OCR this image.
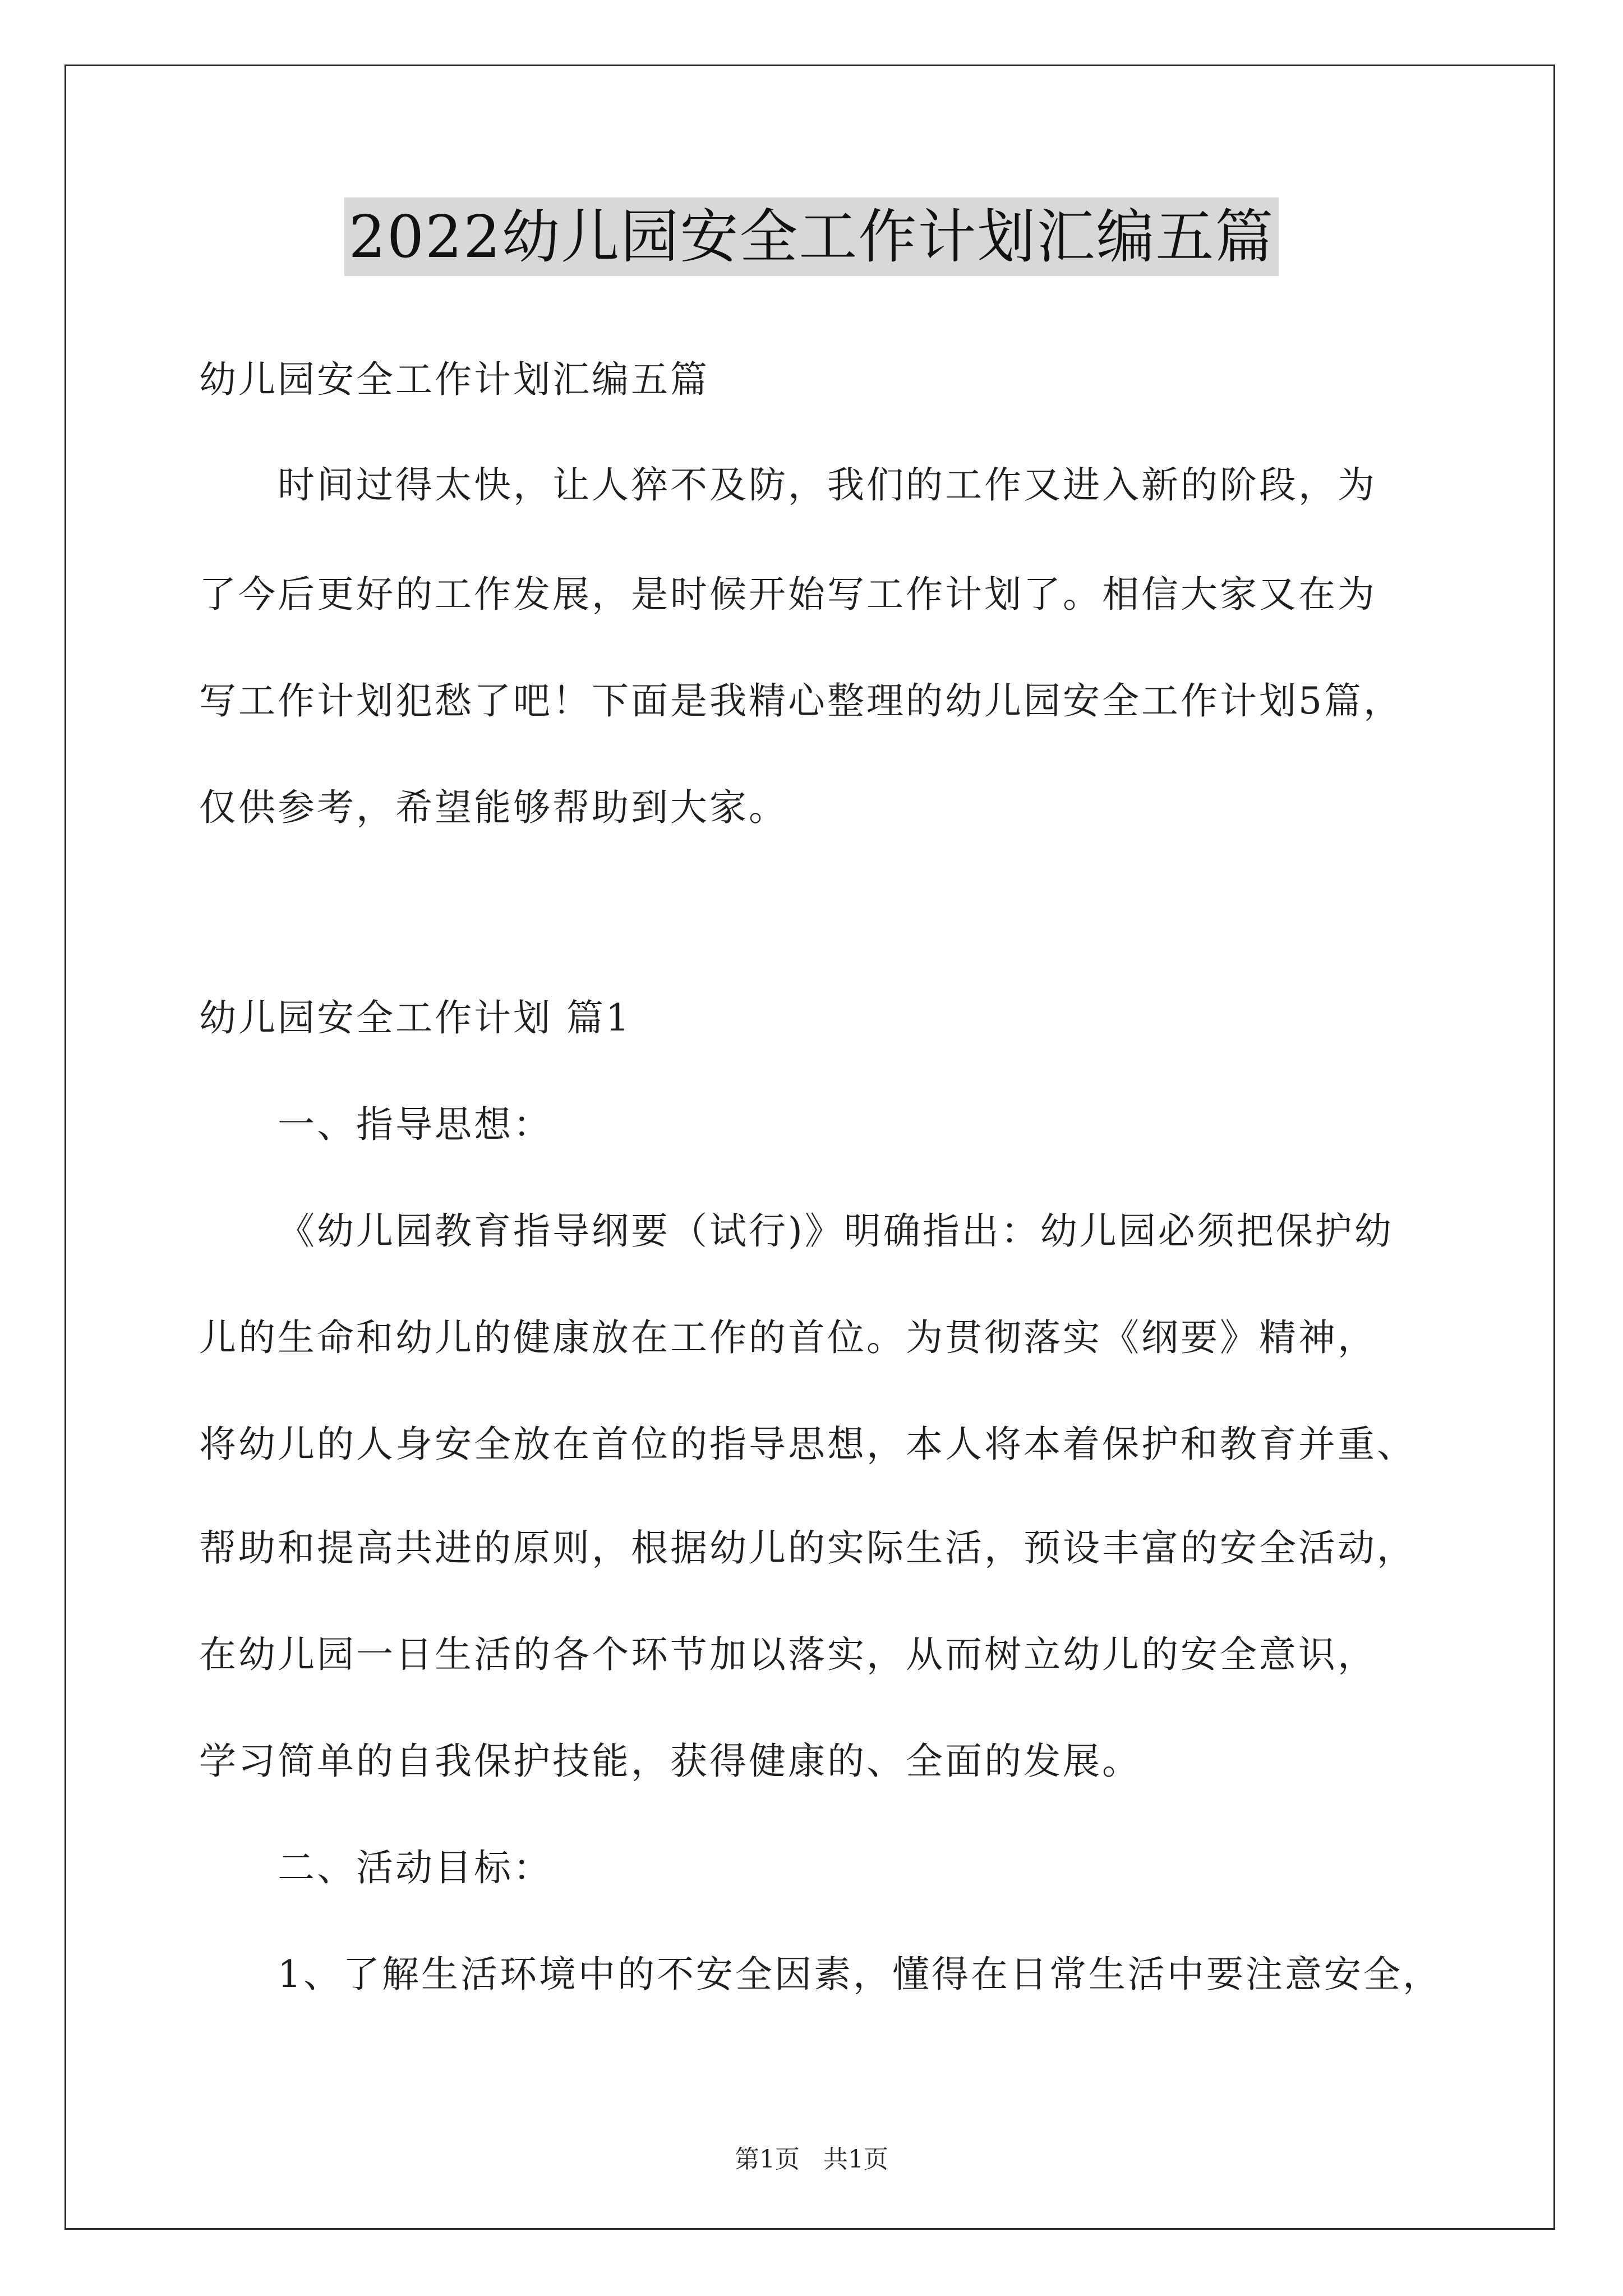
2022幼儿园安全工作计划汇编五篇
幼儿园安全工作计划汇编五篇
时间过得太快，让人猝不及防，我们的工作又进入新的阶段，为
了今后更好的工作发展，是时候开始写工作计划了。相信大家又在为
写工作计划犯愁了吧！下面是我精心整理的幼儿园安全工作计划5篇，
仅供参考，希望能够帮助到大家。
幼儿园安全工作计划 篇1
一、指导思想：
《幼儿园教育指导纲要（试行)》明确指出：幼儿园必须把保护幼
儿的生命和幼儿的健康放在工作的首位。为贯彻落实《纲要》精神，
将幼儿的人身安全放在首位的指导思想，本人将本着保护和教育并重、
帮助和提高共进的原则，根据幼儿的实际生活，预设丰富的安全活动，
在幼儿园一日生活的各个环节加以落实，从而树立幼儿的安全意识，
学习简单的自我保护技能，获得健康的、全面的发展。
二、活动目标：
1、了解生活环境中的不安全因素，懂得在日常生活中要注意安全，
第1页   共1页
